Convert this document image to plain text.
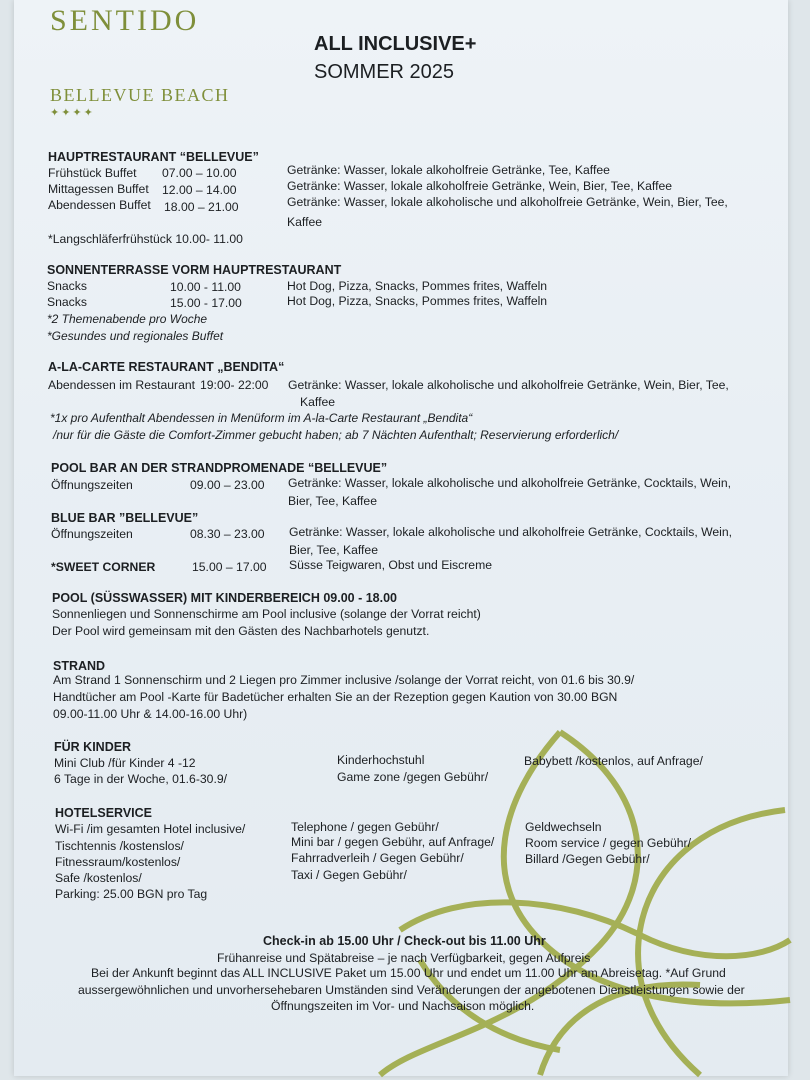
SENTIDO
BELLEVUE BEACH
✦✦✦✦
ALL INCLUSIVE+
SOMMER 2025
HAUPTRESTAURANT “BELLEVUE”
Frühstück Buffet 07.00 – 10.00	Getränke: Wasser, lokale alkoholfreie Getränke, Tee, Kaffee
Mittagessen Buffet 12.00 – 14.00	Getränke: Wasser, lokale alkoholfreie Getränke, Wein, Bier, Tee, Kaffee
Abendessen Buffet 18.00 – 21.00	Getränke: Wasser, lokale alkoholische und alkoholfreie Getränke, Wein, Bier, Tee,
Kaffee
*Langschläferfrühstück 10.00- 11.00
SONNENTERRASSE VORM HAUPTRESTAURANT
Snacks	10.00 - 11.00	Hot Dog, Pizza, Snacks, Pommes frites, Waffeln
Snacks	15.00 - 17.00	Hot Dog, Pizza, Snacks, Pommes frites, Waffeln
*2 Themenabende pro Woche
*Gesundes und regionales Buffet
A-LA-CARTE RESTAURANT „BENDITA“
Abendessen im Restaurant 19:00- 22:00 Getränke: Wasser, lokale alkoholische und alkoholfreie Getränke, Wein, Bier, Tee,
Kaffee
*1x pro Aufenthalt Abendessen in Menüform im A-la-Carte Restaurant „Bendita“
/nur für die Gäste die Comfort-Zimmer gebucht haben; ab 7 Nächten Aufenthalt; Reservierung erforderlich/
POOL BAR AN DER STRANDPROMENADE “BELLEVUE”
Öffnungszeiten	09.00 – 23.00 Getränke: Wasser, lokale alkoholische und alkoholfreie Getränke, Cocktails, Wein,
Bier, Tee, Kaffee
BLUE BAR ”BELLEVUE”
Öffnungszeiten	08.30 – 23.00 Getränke: Wasser, lokale alkoholische und alkoholfreie Getränke, Cocktails, Wein,
Bier, Tee, Kaffee
*SWEET CORNER	15.00 – 17.00 Süsse Teigwaren, Obst und Eiscreme
POOL (SÜSSWASSER) MIT KINDERBEREICH 09.00 - 18.00
Sonnenliegen und Sonnenschirme am Pool inclusive (solange der Vorrat reicht)
Der Pool wird gemeinsam mit den Gästen des Nachbarhotels genutzt.
STRAND
Am Strand 1 Sonnenschirm und 2 Liegen pro Zimmer inclusive /solange der Vorrat reicht, von 01.6 bis 30.9/
Handtücher am Pool -Karte für Badetücher erhalten Sie an der Rezeption gegen Kaution von 30.00 BGN
09.00-11.00 Uhr & 14.00-16.00 Uhr)
FÜR KINDER
Mini Club /für Kinder 4 -12
6 Tage in der Woche, 01.6-30.9/
Kinderhochstuhl
Game zone /gegen Gebühr/
Babybett /kostenlos, auf Anfrage/
HOTELSERVICE
Wi-Fi /im gesamten Hotel inclusive/
Tischtennis /kostenslos/
Fitnessraum/kostenlos/
Safe /kostenlos/
Parking: 25.00 BGN pro Tag
Telephone / gegen Gebühr/
Mini bar / gegen Gebühr, auf Anfrage/
Fahrradverleih / Gegen Gebühr/
Taxi / Gegen Gebühr/
Geldwechseln
Room service / gegen Gebühr/
Billard /Gegen Gebühr/
Check-in ab 15.00 Uhr / Check-out bis 11.00 Uhr
Frühanreise und Spätabreise – je nach Verfügbarkeit, gegen Aufpreis
Bei der Ankunft beginnt das ALL INCLUSIVE Paket um 15.00 Uhr und endet um 11.00 Uhr am Abreisetag. *Auf Grund
aussergewöhnlichen und unvorhersehebaren Umständen sind Veränderungen der angebotenen Dienstleistungen sowie der
Öffnungszeiten im Vor- und Nachsaison möglich.
